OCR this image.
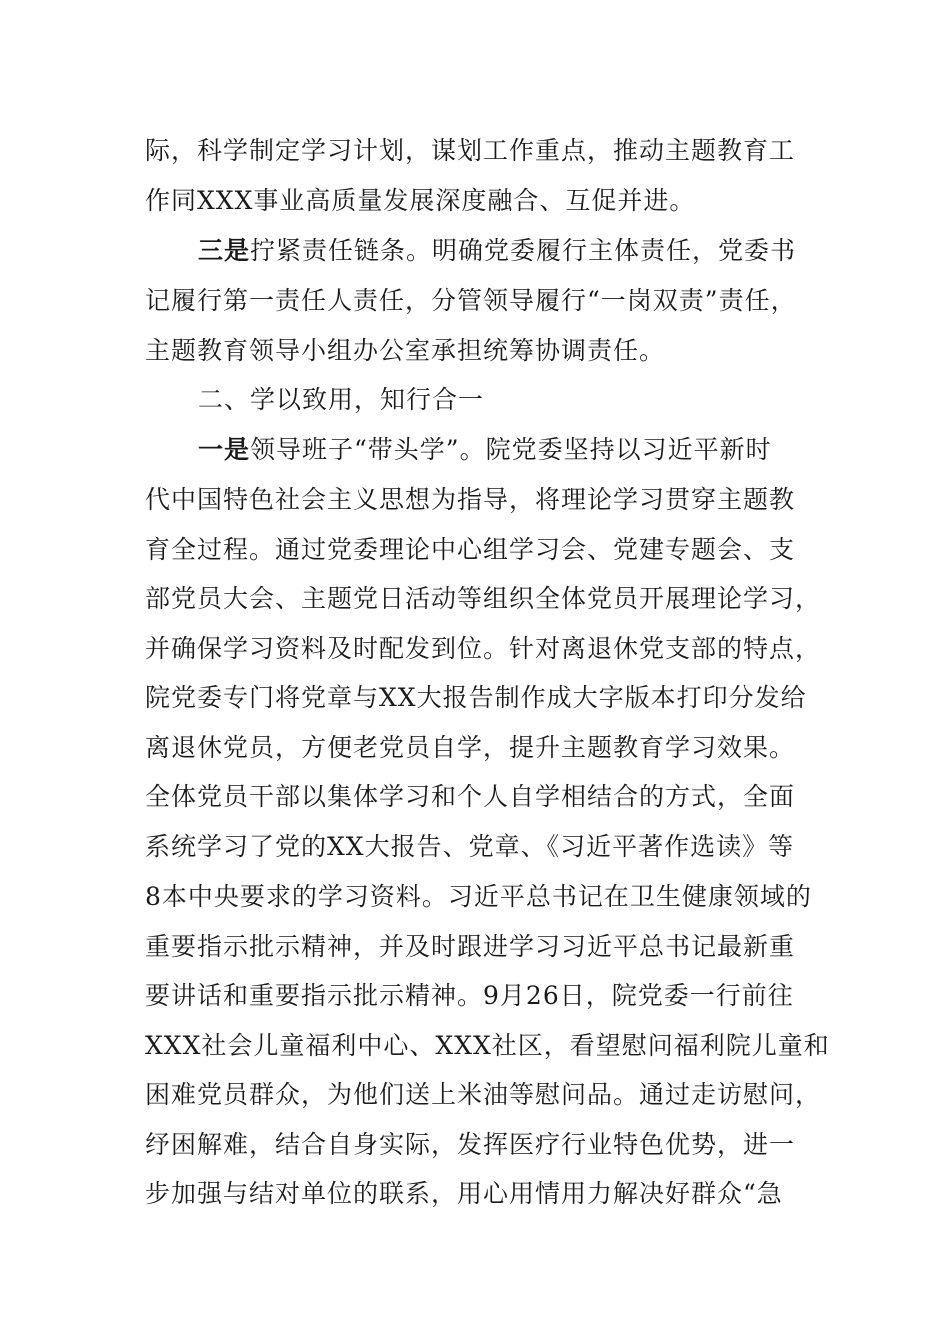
际，科学制定学习计划，谋划工作重点，推动主题教育工
作同XXX事业高质量发展深度融合、互促并进。
三是拧紧责任链条。明确党委履行主体责任，党委书
记履行第一责任人责任，分管领导履行“一岗双责”责任，
主题教育领导小组办公室承担统筹协调责任。
二、学以致用，知行合一
一是领导班子“带头学”。院党委坚持以习近平新时
代中国特色社会主义思想为指导，将理论学习贯穿主题教
育全过程。通过党委理论中心组学习会、党建专题会、支
部党员大会、主题党日活动等组织全体党员开展理论学习，
并确保学习资料及时配发到位。针对离退休党支部的特点，
院党委专门将党章与XX大报告制作成大字版本打印分发给
离退休党员，方便老党员自学，提升主题教育学习效果。
全体党员干部以集体学习和个人自学相结合的方式，全面
系统学习了党的XX大报告、党章、《习近平著作选读》等
8本中央要求的学习资料。习近平总书记在卫生健康领域的
重要指示批示精神，并及时跟进学习习近平总书记最新重
要讲话和重要指示批示精神。9月26日，院党委一行前往
XXX社会儿童福利中心、XXX社区，看望慰问福利院儿童和
困难党员群众，为他们送上米油等慰问品。通过走访慰问，
纾困解难，结合自身实际，发挥医疗行业特色优势，进一
步加强与结对单位的联系，用心用情用力解决好群众“急
